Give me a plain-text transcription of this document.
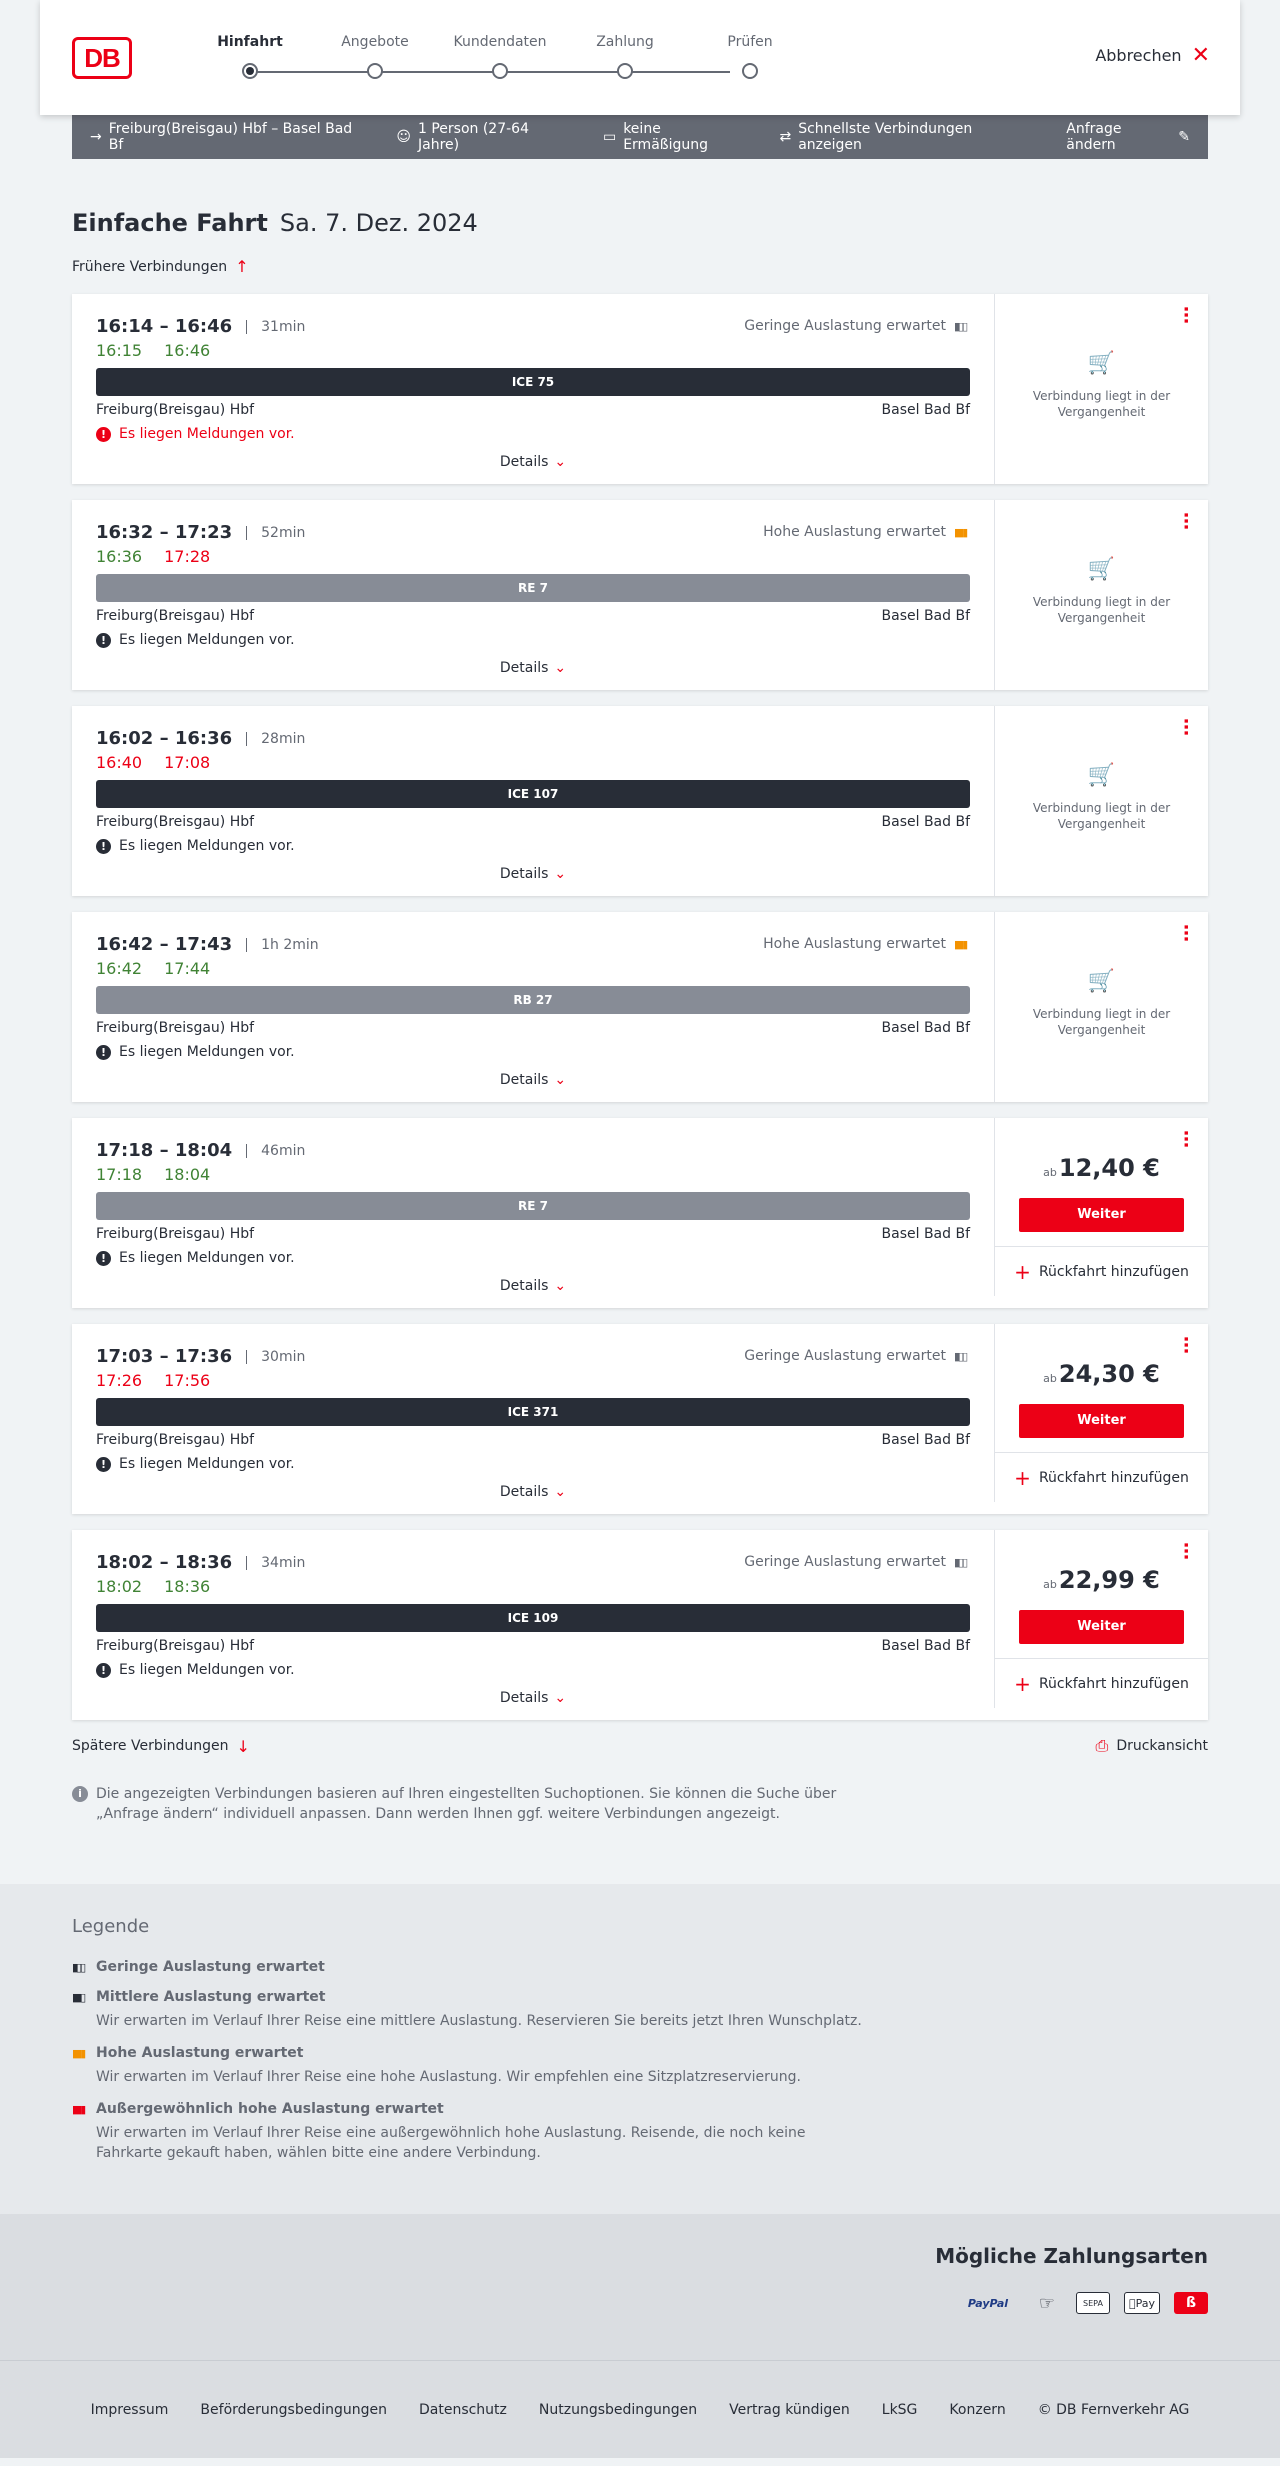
DB
Hinfahrt	Angebote	Kundendaten	Zahlung	Prüfen
Abbrechen ✕
→ Freiburg(Breisgau) Hbf – Basel Bad Bf	☺ 1 Person (27-64 Jahre)	▭ keine Ermäßigung	⇄ Schnellste Verbindungen anzeigen
Anfrage ändern	✎
Einfache Fahrt Sa. 7. Dez. 2024
Frühere Verbindungen ↑
16:14 – 16:46 31min	Geringe Auslastung erwartet ▮▯▯
16:15 16:46
ICE 75
Freiburg(Breisgau) Hbf	Basel Bad Bf
! Es liegen Meldungen vor.
Details ⌄
⋯
🛒
Verbindung liegt in der Vergangenheit
16:32 – 17:23 52min	Hohe Auslastung erwartet ▮▮▮
16:36 17:28
RE 7
Freiburg(Breisgau) Hbf	Basel Bad Bf
! Es liegen Meldungen vor.
Details ⌄
⋯
🛒
Verbindung liegt in der Vergangenheit
16:02 – 16:36 28min
16:40 17:08
ICE 107
Freiburg(Breisgau) Hbf	Basel Bad Bf
! Es liegen Meldungen vor.
Details ⌄
⋯
🛒
Verbindung liegt in der Vergangenheit
16:42 – 17:43 1h 2min	Hohe Auslastung erwartet ▮▮▮
16:42 17:44
RB 27
Freiburg(Breisgau) Hbf	Basel Bad Bf
! Es liegen Meldungen vor.
Details ⌄
⋯
🛒
Verbindung liegt in der Vergangenheit
17:18 – 18:04 46min
17:18 18:04
RE 7
Freiburg(Breisgau) Hbf	Basel Bad Bf
! Es liegen Meldungen vor.
Details ⌄
⋯
ab12,40 €
Weiter
+ Rückfahrt hinzufügen
17:03 – 17:36 30min	Geringe Auslastung erwartet ▮▯▯
17:26 17:56
ICE 371
Freiburg(Breisgau) Hbf	Basel Bad Bf
! Es liegen Meldungen vor.
Details ⌄
⋯
ab24,30 €
Weiter
+ Rückfahrt hinzufügen
18:02 – 18:36 34min	Geringe Auslastung erwartet ▮▯▯
18:02 18:36
ICE 109
Freiburg(Breisgau) Hbf	Basel Bad Bf
! Es liegen Meldungen vor.
Details ⌄
⋯
ab22,99 €
Weiter
+ Rückfahrt hinzufügen
Spätere Verbindungen ↓	⎙ Druckansicht
i	Die angezeigten Verbindungen basieren auf Ihren eingestellten Suchoptionen. Sie können die Suche über „Anfrage ändern“ individuell anpassen. Dann werden Ihnen ggf. weitere Verbindungen angezeigt.
Legende
▮▯▯ Geringe Auslastung erwartet
▮▮▯ Mittlere Auslastung erwartet
Wir erwarten im Verlauf Ihrer Reise eine mittlere Auslastung. Reservieren Sie bereits jetzt Ihren Wunschplatz.
▮▮▮ Hohe Auslastung erwartet
Wir erwarten im Verlauf Ihrer Reise eine hohe Auslastung. Wir empfehlen eine Sitzplatzreservierung.
▮▮▮ Außergewöhnlich hohe Auslastung erwartet
Wir erwarten im Verlauf Ihrer Reise eine außergewöhnlich hohe Auslastung. Reisende, die noch keine Fahrkarte gekauft haben, wählen bitte eine andere Verbindung.
Mögliche Zahlungsarten
PayPal	☞	SEPA	Pay	ß
Impressum Beförderungsbedingungen Datenschutz Nutzungsbedingungen Vertrag kündigen LkSG Konzern © DB Fernverkehr AG
